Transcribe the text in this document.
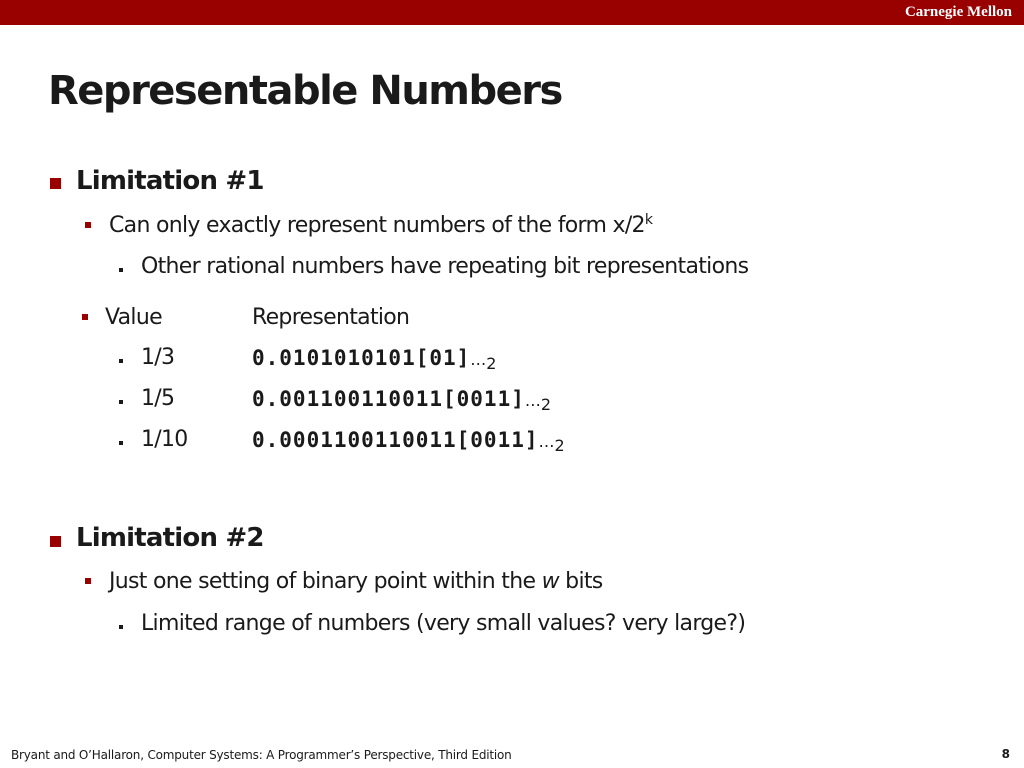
Carnegie Mellon
Representable Numbers
Limitation #1
Can only exactly represent numbers of the form x/2$^k$
Other rational numbers have repeating bit representations
Value	Representation
1/3	$0.0101010101[01]\dots_2$
1/5	$0.001100110011[0011]\dots_2$
1/10	$0.0001100110011[0011]\dots_2$
Limitation #2
Just one setting of binary point within the w bits
Limited range of numbers (very small values? very large?)
Bryant and O’Hallaron, Computer Systems: A Programmer’s Perspective, Third Edition	8
